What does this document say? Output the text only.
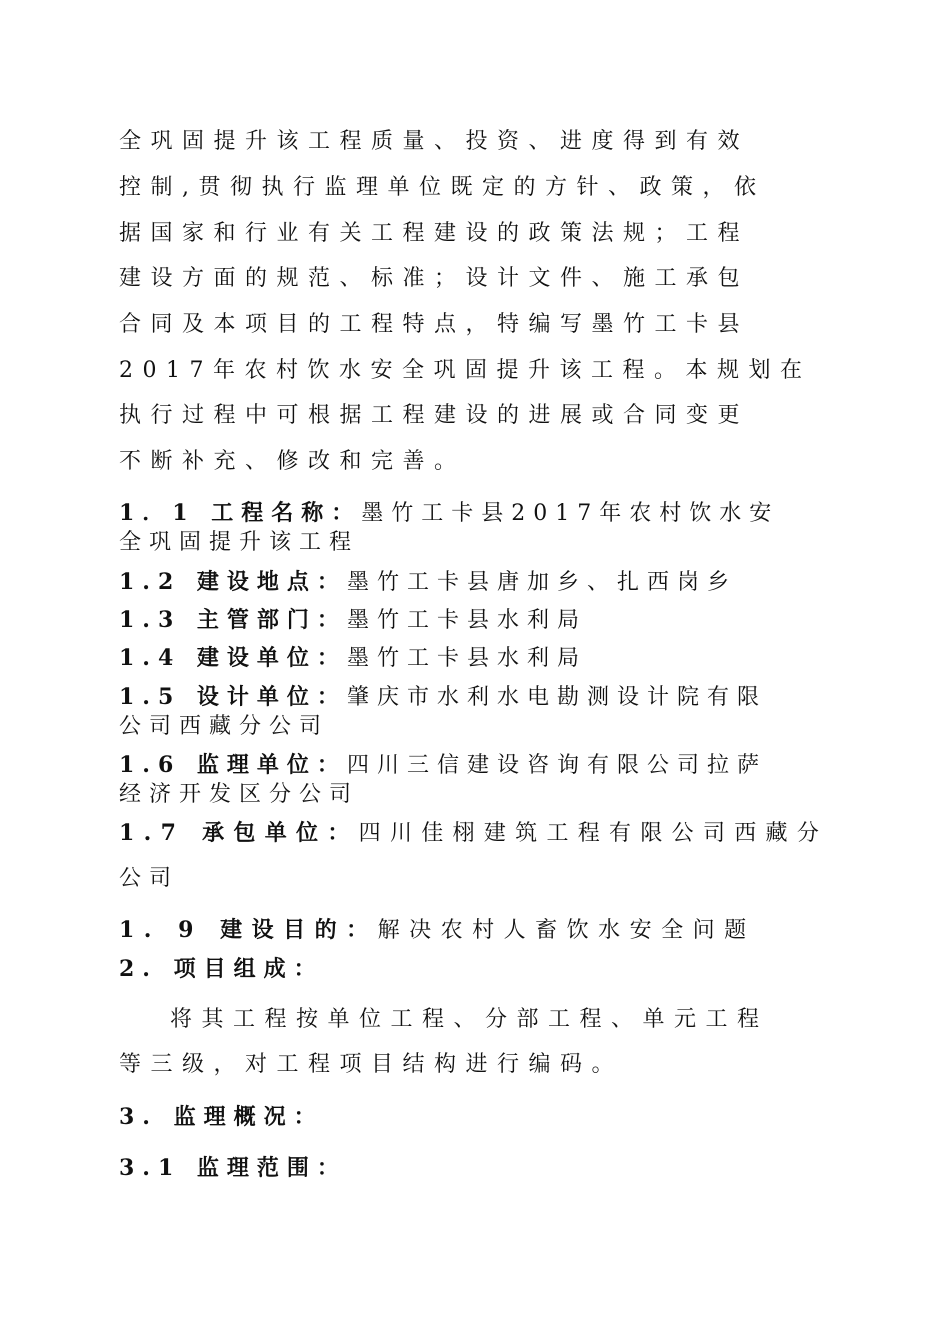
全巩固提升该工程质量、投资、进度得到有效
控制,贯彻执行监理单位既定的方针、政策，依
据国家和行业有关工程建设的政策法规；工程
建设方面的规范、标准；设计文件、施工承包
合同及本项目的工程特点，特编写墨竹工卡县
2017年农村饮水安全巩固提升该工程。本规划在
执行过程中可根据工程建设的进展或合同变更
不断补充、修改和完善。
1．1 工程名称：墨竹工卡县2017年农村饮水安
全巩固提升该工程
1.2 建设地点：墨竹工卡县唐加乡、扎西岗乡
1.3 主管部门：墨竹工卡县水利局
1.4 建设单位：墨竹工卡县水利局
1.5 设计单位：肇庆市水利水电勘测设计院有限
公司西藏分公司
1.6 监理单位：四川三信建设咨询有限公司拉萨
经济开发区分公司
1.7 承包单位：四川佳栩建筑工程有限公司西藏分
公司
1. 9 建设目的：解决农村人畜饮水安全问题
2. 项目组成：
将其工程按单位工程、分部工程、单元工程
等三级，对工程项目结构进行编码。
3. 监理概况：
3.1 监理范围：
